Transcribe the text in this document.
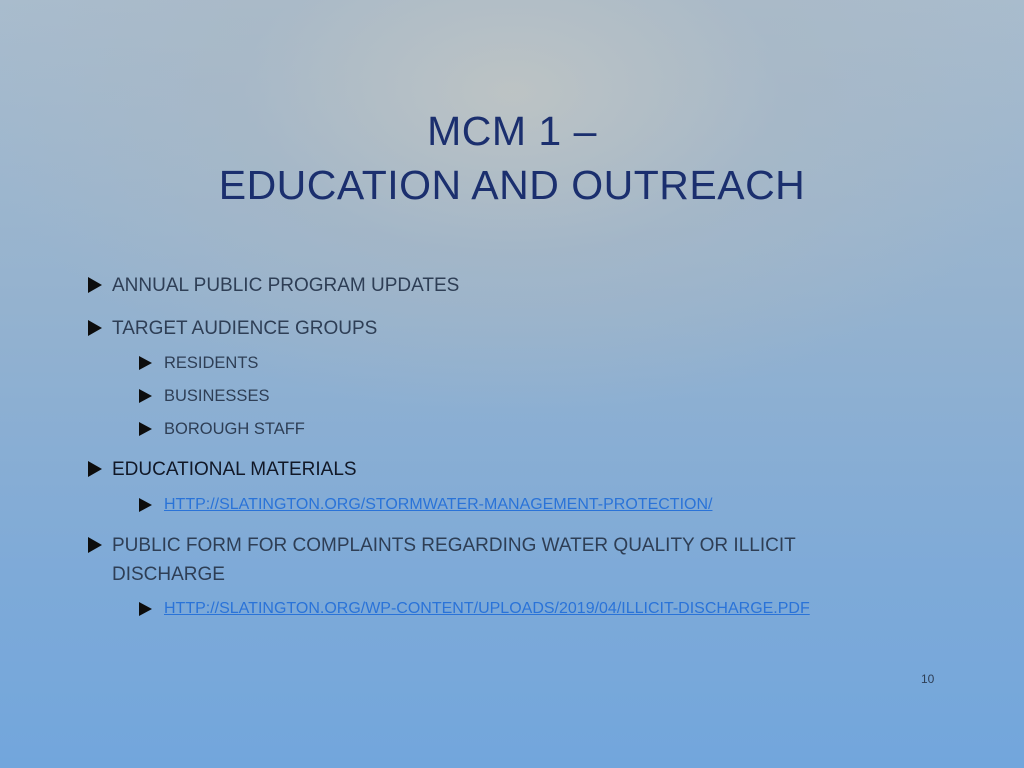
MCM 1 –
EDUCATION AND OUTREACH
ANNUAL PUBLIC PROGRAM UPDATES
TARGET AUDIENCE GROUPS
RESIDENTS
BUSINESSES
BOROUGH STAFF
EDUCATIONAL MATERIALS
HTTP://SLATINGTON.ORG/STORMWATER-MANAGEMENT-PROTECTION/
PUBLIC FORM FOR COMPLAINTS REGARDING WATER QUALITY OR ILLICIT DISCHARGE
HTTP://SLATINGTON.ORG/WP-CONTENT/UPLOADS/2019/04/ILLICIT-DISCHARGE.PDF
10
